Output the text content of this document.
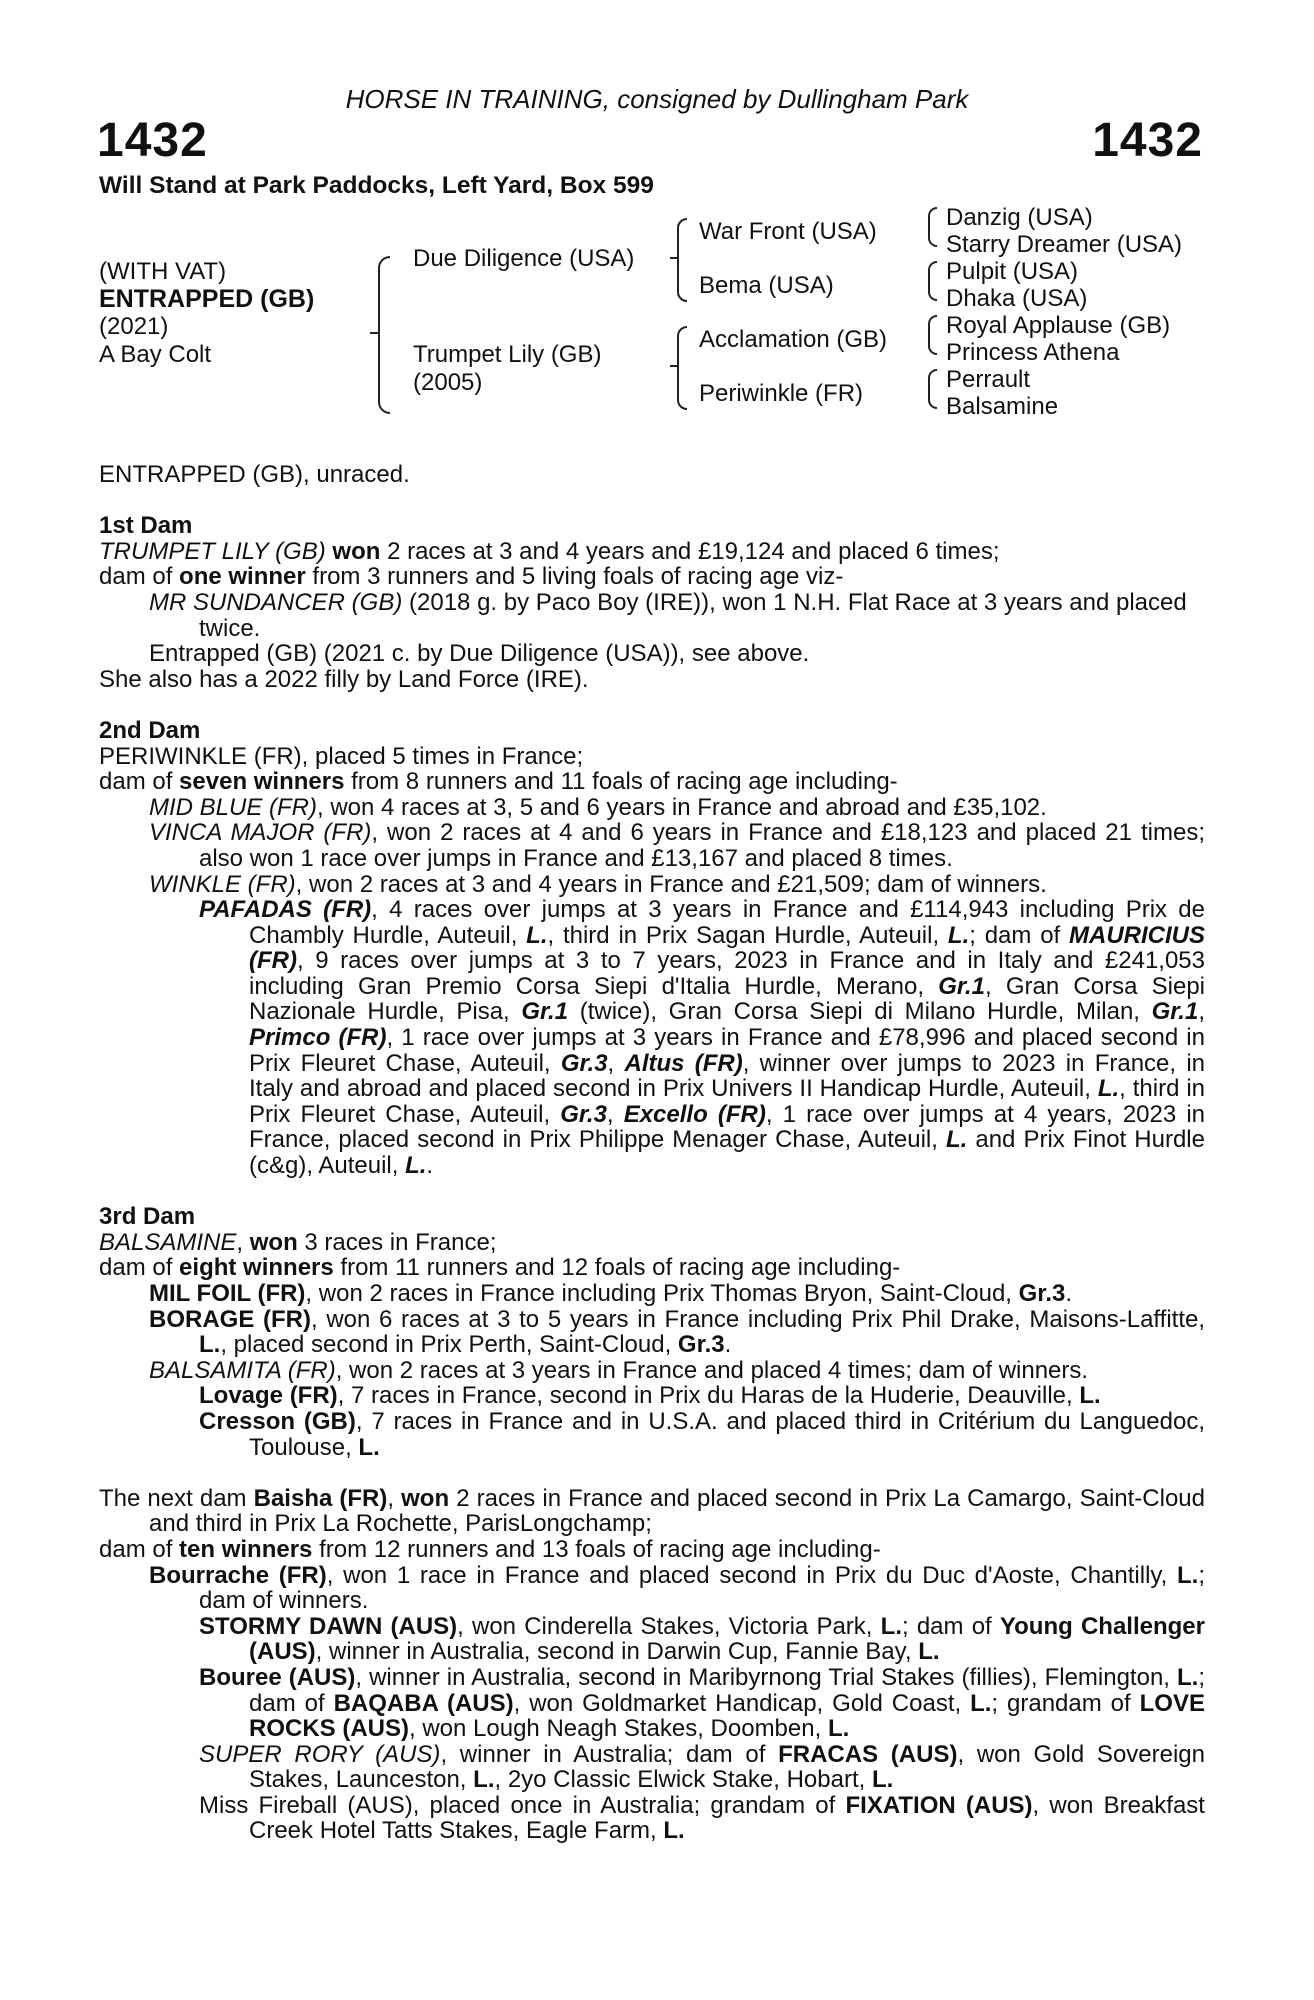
HORSE IN TRAINING, consigned by Dullingham Park
1432	1432
Will Stand at Park Paddocks, Left Yard, Box 599
(WITH VAT)
ENTRAPPED (GB)
(2021)
A Bay Colt
Due Diligence (USA)
Trumpet Lily (GB)
(2005)
War Front (USA)
Bema (USA)
Acclamation (GB)
Periwinkle (FR)
Danzig (USA)
Starry Dreamer (USA)
Pulpit (USA)
Dhaka (USA)
Royal Applause (GB)
Princess Athena
Perrault
Balsamine

ENTRAPPED (GB), unraced.

1st Dam

TRUMPET LILY (GB) won 2 races at 3 and 4 years and £19,124 and placed 6 times;

dam of one winner from 3 runners and 5 living foals of racing age viz-

MR SUNDANCER (GB) (2018 g. by Paco Boy (IRE)), won 1 N.H. Flat Race at 3 years and placed twice.

Entrapped (GB) (2021 c. by Due Diligence (USA)), see above.

She also has a 2022 filly by Land Force (IRE).

2nd Dam

PERIWINKLE (FR), placed 5 times in France;

dam of seven winners from 8 runners and 11 foals of racing age including-

MID BLUE (FR), won 4 races at 3, 5 and 6 years in France and abroad and £35,102.

VINCA MAJOR (FR), won 2 races at 4 and 6 years in France and £18,123 and placed 21 times; also won 1 race over jumps in France and £13,167 and placed 8 times.

WINKLE (FR), won 2 races at 3 and 4 years in France and £21,509; dam of winners.

PAFADAS (FR), 4 races over jumps at 3 years in France and £114,943 including Prix de Chambly Hurdle, Auteuil, L., third in Prix Sagan Hurdle, Auteuil, L.; dam of MAURICIUS (FR), 9 races over jumps at 3 to 7 years, 2023 in France and in Italy and £241,053 including Gran Premio Corsa Siepi d'Italia Hurdle, Merano, Gr.1, Gran Corsa Siepi Nazionale Hurdle, Pisa, Gr.1 (twice), Gran Corsa Siepi di Milano Hurdle, Milan, Gr.1, Primco (FR), 1 race over jumps at 3 years in France and £78,996 and placed second in Prix Fleuret Chase, Auteuil, Gr.3, Altus (FR), winner over jumps to 2023 in France, in Italy and abroad and placed second in Prix Univers II Handicap Hurdle, Auteuil, L., third in Prix Fleuret Chase, Auteuil, Gr.3, Excello (FR), 1 race over jumps at 4 years, 2023 in France, placed second in Prix Philippe Menager Chase, Auteuil, L. and Prix Finot Hurdle (c&g), Auteuil, L..

3rd Dam

BALSAMINE, won 3 races in France;

dam of eight winners from 11 runners and 12 foals of racing age including-

MIL FOIL (FR), won 2 races in France including Prix Thomas Bryon, Saint-Cloud, Gr.3.

BORAGE (FR), won 6 races at 3 to 5 years in France including Prix Phil Drake, Maisons-Laffitte, L., placed second in Prix Perth, Saint-Cloud, Gr.3.

BALSAMITA (FR), won 2 races at 3 years in France and placed 4 times; dam of winners.

Lovage (FR), 7 races in France, second in Prix du Haras de la Huderie, Deauville, L.

Cresson (GB), 7 races in France and in U.S.A. and placed third in Critérium du Languedoc, Toulouse, L.

The next dam Baisha (FR), won 2 races in France and placed second in Prix La Camargo, Saint-Cloud and third in Prix La Rochette, ParisLongchamp;

dam of ten winners from 12 runners and 13 foals of racing age including-

Bourrache (FR), won 1 race in France and placed second in Prix du Duc d'Aoste, Chantilly, L.; dam of winners.

STORMY DAWN (AUS), won Cinderella Stakes, Victoria Park, L.; dam of Young Challenger (AUS), winner in Australia, second in Darwin Cup, Fannie Bay, L.

Bouree (AUS), winner in Australia, second in Maribyrnong Trial Stakes (fillies), Flemington, L.; dam of BAQABA (AUS), won Goldmarket Handicap, Gold Coast, L.; grandam of LOVE ROCKS (AUS), won Lough Neagh Stakes, Doomben, L.

SUPER RORY (AUS), winner in Australia; dam of FRACAS (AUS), won Gold Sovereign Stakes, Launceston, L., 2yo Classic Elwick Stake, Hobart, L.

Miss Fireball (AUS), placed once in Australia; grandam of FIXATION (AUS), won Breakfast Creek Hotel Tatts Stakes, Eagle Farm, L.
